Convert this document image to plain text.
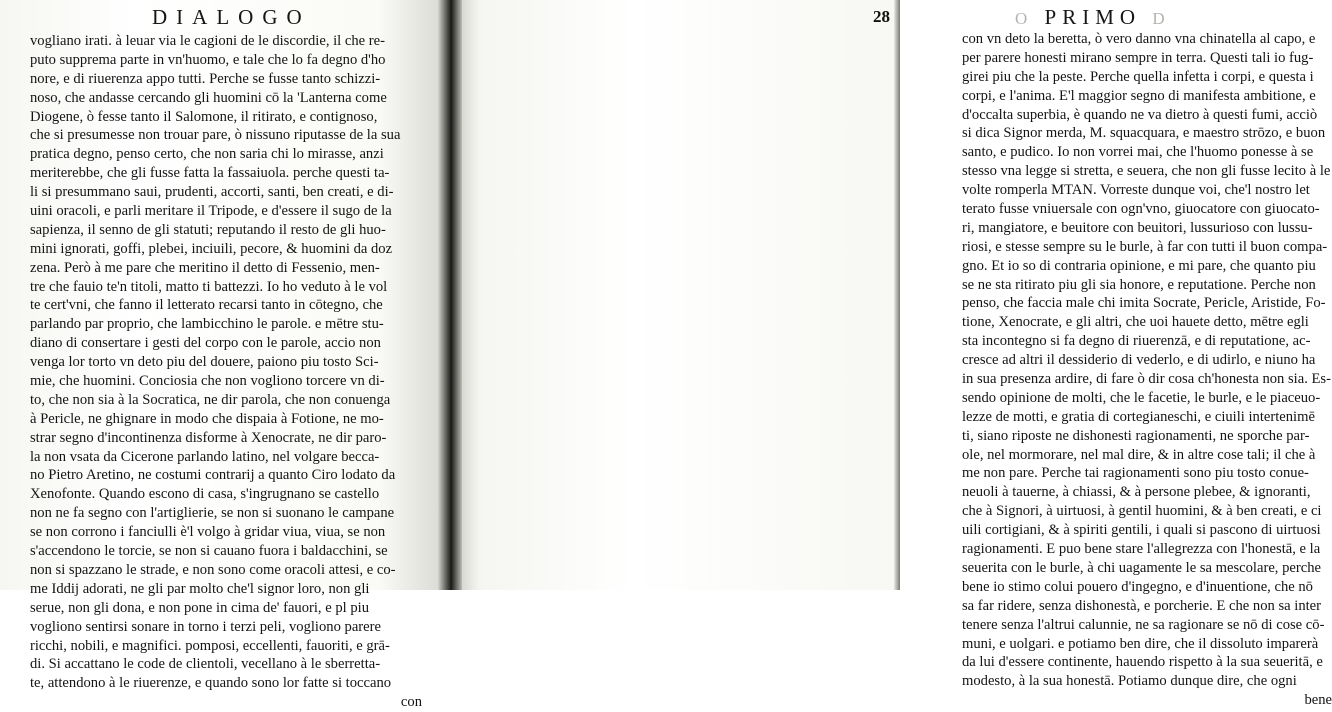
DIALOGO
vogliano irati. à leuar via le cagioni de le discordie, il che re-
puto suppremа parte in vn'huomo, e tale che lo fa degno d'ho
nore, e di riuerenza appo tutti. Perche se fusse tanto schizzi-
noso, che andasse cercando gli huomini cō la 'Lanterna come
Diogene, ò fesse tanto il Salomone, il ritirato, e contignoso,
che si presumesse non trouar pare, ò nissuno riputasse de la sua
pratica degno, penso certo, che non saria chi lo mirasse, anzi
meriterebbe, che gli fusse fatta la fassaiuola. perche questi ta-
li si presummano saui, prudenti, accorti, santi, ben creati, e di-
uini oracoli, e parli meritare il Tripode, e d'essere il sugo de la
sapienza, il senno de gli statuti; reputando il resto de gli huo-
mini ignorati, goffi, plebei, inciuili, pecore, & huomini da doz
zena. Però à me pare che meritino il detto di Fessenio, men-
tre che fauio te'n titoli, matto ti battezzi. Io ho veduto à le vol
te cert'vni, che fanno il letterato recarsi tanto in cōtegno, che
parlando par proprio, che lambicchino le parole. e mētre stu-
diano di consertare i gesti del corpo con le parole, accio non
venga lor torto vn deto piu del douere, paiono piu tosto Sci-
mie, che huomini. Conciosia che non vogliono torcere vn di-
to, che non sia à la Socratica, ne dir parola, che non conuenga
à Pericle, ne ghignare in modo che dispaia à Fotione, ne mo-
strar segno d'incontinenza disforme à Xenocrate, ne dir paro-
la non vsata da Cicerone parlando latino, nel volgare becca-
no Pietro Aretino, ne costumi contrarij a quanto Ciro lodato da
Xenofonte. Quando escono di casa, s'ingrugnano se castello
non ne fa segno con l'artiglierie, se non si suonano le campane
se non corrono i fanciulli è'l volgo à gridar viua, viua, se non
s'accendono le torcie, se non si cauano fuora i baldacchini, se
non si spazzano le strade, e non sono come oracoli attesi, e co-
me Iddij adorati, ne gli par molto che'l signor loro, non gli
serue, non gli dona, e non pone in cima de' fauori, e pl piu
vogliono sentirsi sonare in torno i terzi peli, vogliono parere
ricchi, nobili, e magnifici. pomposi, eccellenti, fauoriti, e grā-
di. Si accattano le code de clientoli, vecellano à le sberretta-
te, attendono à le riuerenze, e quando sono lor fatte si toccano
con
O PRIMO D
28
con vn deto la beretta, ò vero danno vna chinatella al capo, e
per parere honesti mirano sempre in terra. Questi tali io fug-
girei piu che la peste. Perche quella infetta i corpi, e questa i
corpi, e l'anima. E'l maggior segno di manifesta ambitione, e
d'occalta superbia, è quando ne va dietro à questi fumi, acciò
si dica Signor merda, M. squacquara, e maestro strōzo, e buon
santo, e pudico. Io non vorrei mai, che l'huomo ponesse à se
stesso vna legge si stretta, e seuera, che non gli fusse lecito à le
volte romperla MTAN. Vorreste dunque voi, che'l nostro let
terato fusse vniuersale con ogn'vno, giuocatore con giuocato-
ri, mangiatore, e beuitore con beuitori, lussurioso con lussu-
riosi, e stesse sempre su le burle, à far con tutti il buon compa-
gno. Et io so di contraria opinione, e mi pare, che quanto piu
se ne sta ritirato piu gli sia honore, e reputatione. Perche non
penso, che faccia male chi imita Socrate, Pericle, Aristide, Fo-
tione, Xenocrate, e gli altri, che uoi hauete detto, mētre egli
sta incontegno si fa degno di riuerenzā, e di reputatione, ac-
cresce ad altri il dessiderio di vederlo, e di udirlo, e niuno ha
in sua presenza ardire, di fare ò dir cosa ch'honesta non sia. Es-
sendo opinione de molti, che le facetie, le burle, e le piaceuo-
lezze de motti, e gratia di cortegianeschi, e ciuili intertenimē
ti, siano riposte ne dishonesti ragionamenti, ne sporche par-
ole, nel mormorare, nel mal dire, & in altre cose tali; il che à
me non pare. Perche tai ragionamenti sono piu tosto conue-
neuoli à tauerne, à chiassi, & à persone plebee, & ignoranti,
che à Signori, à uirtuosi, à gentil huomini, & à ben creati, e ci
uili cortigiani, & à spiriti gentili, i quali si pascono di uirtuosi
ragionamenti. E puo bene stare l'allegrezza con l'honestā, e la
seuerita con le burle, à chi uagamente le sa mescolare, perche
bene io stimo colui pouero d'ingegno, e d'inuentione, che nō
sa far ridere, senza dishonestà, e porcherie. E che non sa inter
tenere senza l'altrui calunnie, ne sa ragionare se nō di cose cō-
muni, e uolgari. e potiamo ben dire, che il dissoluto imparerà
da lui d'essere continente, hauendo rispetto à la sua seueritā, e
modesto, à la sua honestā. Potiamo dunque dire, che ogni
bene
